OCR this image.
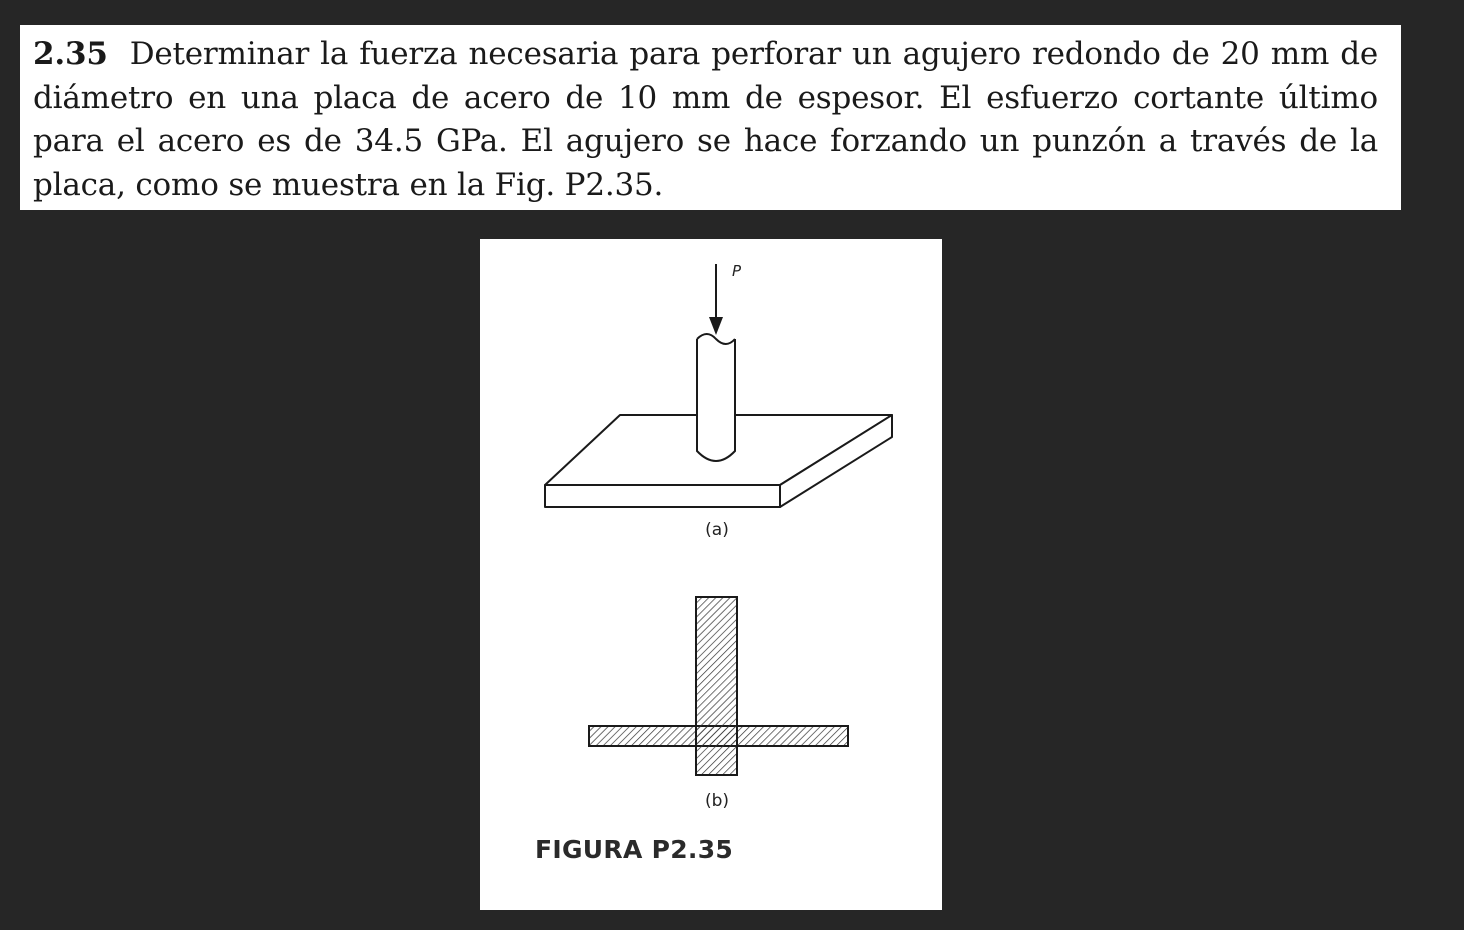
2.35 Determinar la fuerza necesaria para perforar un agujero redondo de 20 mm de diámetro en una placa de acero de 10 mm de espesor. El esfuerzo cortante último para el acero es de 34.5 GPa. El agujero se hace forzando un punzón a través de la placa, como se muestra en la Fig. P2.35.

P
(a)
(b)
FIGURA P2.35
